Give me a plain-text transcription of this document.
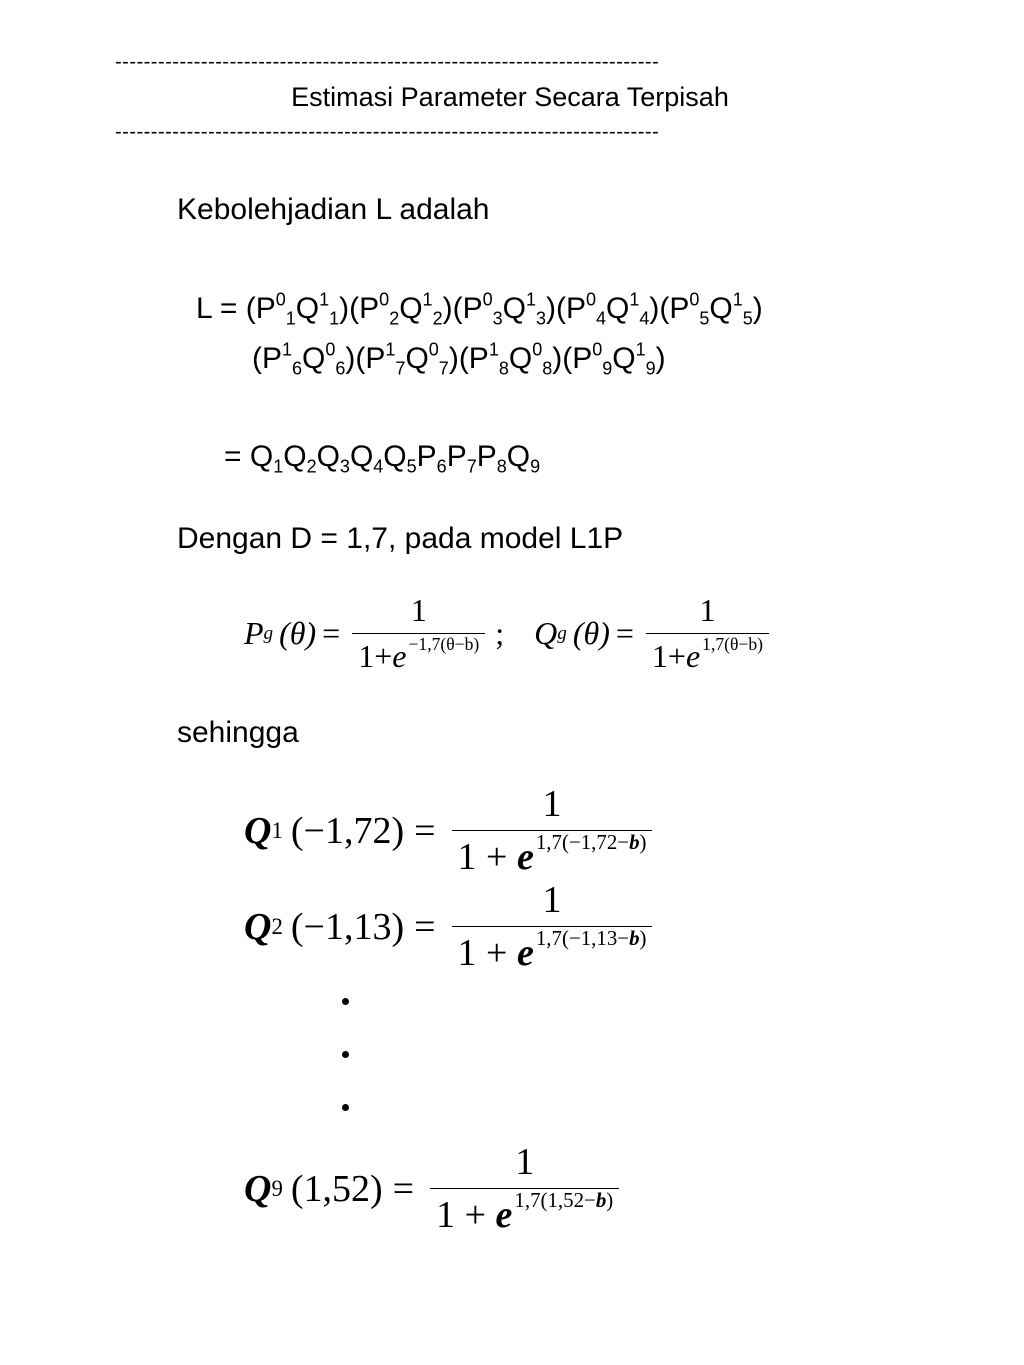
----------------------------------------------------------------------------
Estimasi Parameter Secara Terpisah
----------------------------------------------------------------------------
Kebolehjadian L adalah
$L = (P^0_1Q^1_1)(P^0_2Q^1_2)(P^0_3Q^1_3)(P^0_4Q^1_4)(P^0_5Q^1_5)$
$(P^1_6Q^0_6)(P^1_7Q^0_7)(P^1_8Q^0_8)(P^0_9Q^1_9)$
= $Q_1Q_2Q_3Q_4Q_5P_6P_7P_8Q_9$
Dengan D = 1,7, pada model L1P
P g $(\theta) = \frac{1}{1+e ^{-1,7(\theta-b)}}$ ; Q g $(\theta) = \frac{1}{1+e ^{1,7(\theta-b)}}$
sehingga
Q 1 $(-1,72) = \frac{1}{1 + e^{1,7(-1,72-b)}}$
Q 2 $(-1,13) = \frac{1}{1 + e^{1,7(-1,13-b)}}$
Q 9 $(1,52) = \frac{1}{1 + e^{1,7(1,52-b)}}$
